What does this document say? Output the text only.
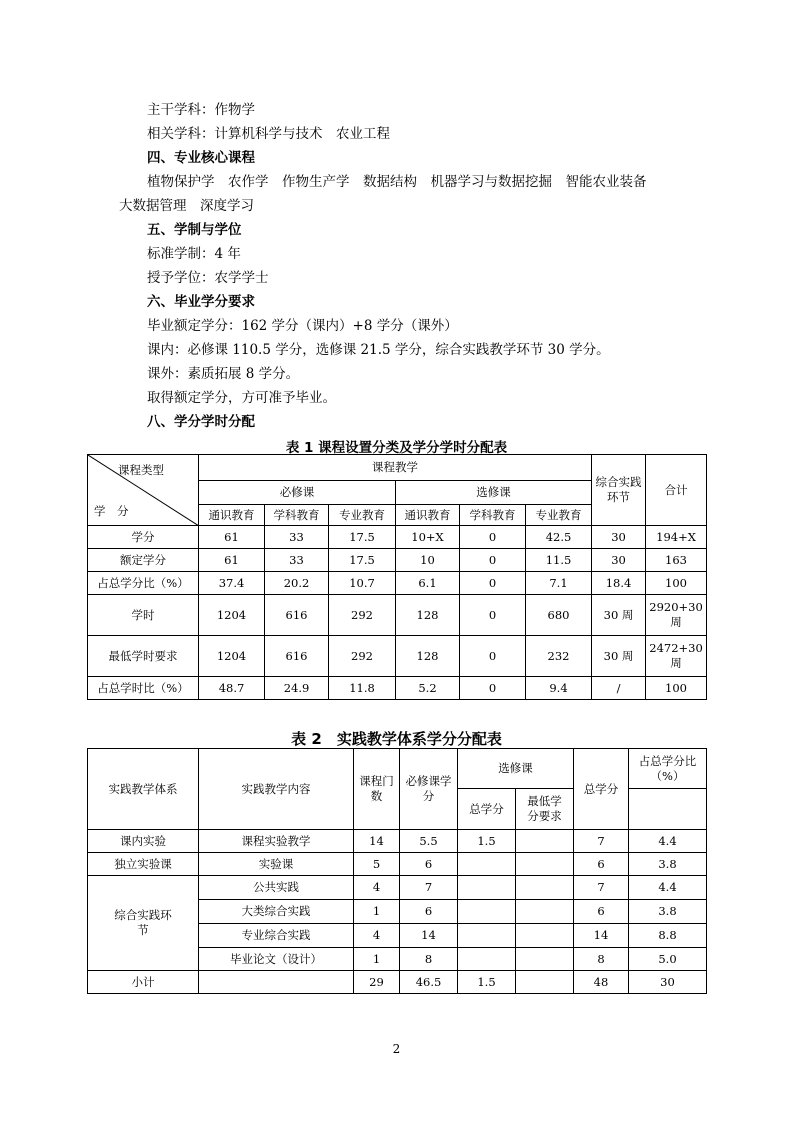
主干学科：作物学
相关学科：计算机科学与技术　农业工程
四、专业核心课程
植物保护学　农作学　作物生产学　数据结构　机器学习与数据挖掘　智能农业装备
大数据管理　深度学习
五、学制与学位
标准学制：4 年
授予学位：农学学士
六、毕业学分要求
毕业额定学分：162 学分（课内）+8 学分（课外）
课内：必修课 110.5 学分，选修课 21.5 学分，综合实践教学环节 30 学分。
课外：素质拓展 8 学分。
取得额定学分，方可准予毕业。
八、学分学时分配
表 1 课程设置分类及学分学时分配表
课程类型
学　分	课程教学						综合实践环节	合计
	必修课			选修课				
	通识教育	学科教育	专业教育	通识教育	学科教育	专业教育		
学分	61	33	17.5	10+X	0	42.5	30	194+X
额定学分	61	33	17.5	10	0	11.5	30	163
占总学分比（%）	37.4	20.2	10.7	6.1	0	7.1	18.4	100
学时	1204	616	292	128	0	680	30 周	2920+30周
最低学时要求	1204	616	292	128	0	232	30 周	2472+30周
占总学时比（%）	48.7	24.9	11.8	5.2	0	9.4	/	100
表 2　实践教学体系学分分配表
实践教学体系	实践教学内容	课程门数	必修课学分	选修课		总学分	占总学分比（%）
				总学分	最低学分要求		
课内实验	课程实验教学	14	5.5	1.5		7	4.4
独立实验课	实验课	5	6			6	3.8
综合实践环节	公共实践	4	7			7	4.4
	大类综合实践	1	6			6	3.8
	专业综合实践	4	14			14	8.8
	毕业论文（设计）	1	8			8	5.0
小计		29	46.5	1.5		48	30
2
